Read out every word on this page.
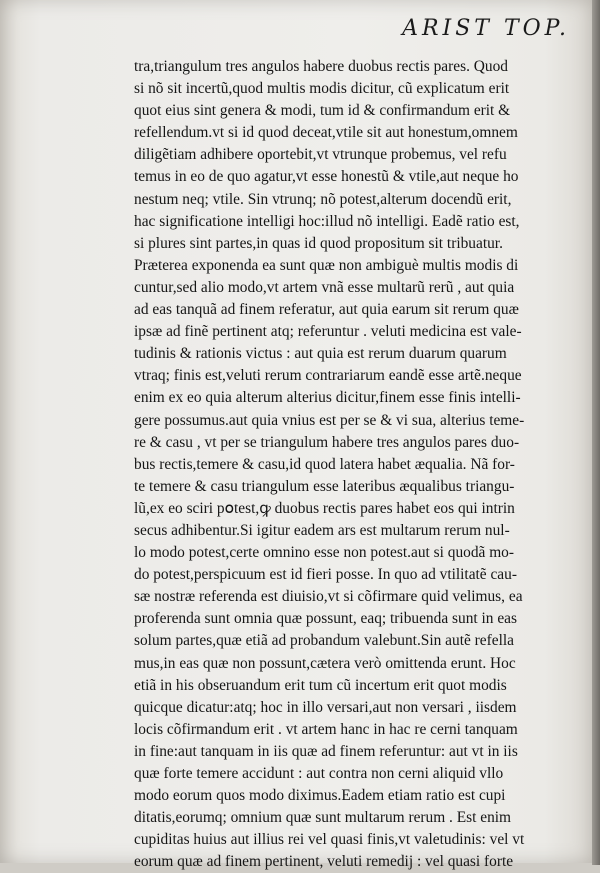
ARIST TOP.
tra,triangulum tres angulos habere duobus rectis pares. Quod
si nõ sit incertũ,quod multis modis dicitur, cũ explicatum erit
quot eius sint genera & modi, tum id & confirmandum erit &
refellendum.vt si id quod deceat,vtile sit aut honestum,omnem
diligẽtiam adhibere oportebit,vt vtrunque probemus, vel refu
temus in eo de quo agatur,vt esse honestũ & vtile,aut neque ho
nestum neq; vtile. Sin vtrunq; nõ potest,alterum docendũ erit,
hac significatione intelligi hoc:illud nõ intelligi. Eadẽ ratio est,
si plures sint partes,in quas id quod propositum sit tribuatur.
Præterea exponenda ea sunt quæ non ambiguè multis modis di
cuntur,sed alio modo,vt artem vnã esse multarũ rerũ , aut quia
ad eas tanquã ad finem referatur, aut quia earum sit rerum quæ
ipsæ ad finẽ pertinent atq; referuntur . veluti medicina est vale-
tudinis & rationis victus : aut quia est rerum duarum quarum
vtraq; finis est,veluti rerum contrariarum eandẽ esse artẽ.neque
enim ex eo quia alterum alterius dicitur,finem esse finis intelli-
gere possumus.aut quia vnius est per se & vi sua, alterius teme-
re & casu , vt per se triangulum habere tres angulos pares duo-
bus rectis,temere & casu,id quod latera habet æqualia. Nã for-
te temere & casu triangulum esse lateribus æqualibus triangu-
lũ,ex eo sciri pօtest,ꝙ duobus rectis pares habet eos qui intrin
secus adhibentur.Si igitur eadem ars est multarum rerum nul-
lo modo potest,certe omnino esse non potest.aut si quodã mo-
do potest,perspicuum est id fieri posse. In quo ad vtilitatẽ cau-
sæ nostræ referenda est diuisio,vt si cõfirmare quid velimus, ea
proferenda sunt omnia quæ possunt, eaq; tribuenda sunt in eas
solum partes,quæ etiã ad probandum valebunt.Sin autẽ refella
mus,in eas quæ non possunt,cætera verò omittenda erunt. Hoc
etiã in his obseruandum erit tum cũ incertum erit quot modis
quicque dicatur:atq; hoc in illo versari,aut non versari , iisdem
locis cõfirmandum erit . vt artem hanc in hac re cerni tanquam
in fine:aut tanquam in iis quæ ad finem referuntur: aut vt in iis
quæ forte temere accidunt : aut contra non cerni aliquid vllo
modo eorum quos modo diximus.Eadem etiam ratio est cupi
ditatis,eorumq; omnium quæ sunt multarum rerum . Est enim
cupiditas huius aut illius rei vel quasi finis,vt valetudinis: vel vt
eorum quæ ad finem pertinent, veluti remedij : vel quasi forte
